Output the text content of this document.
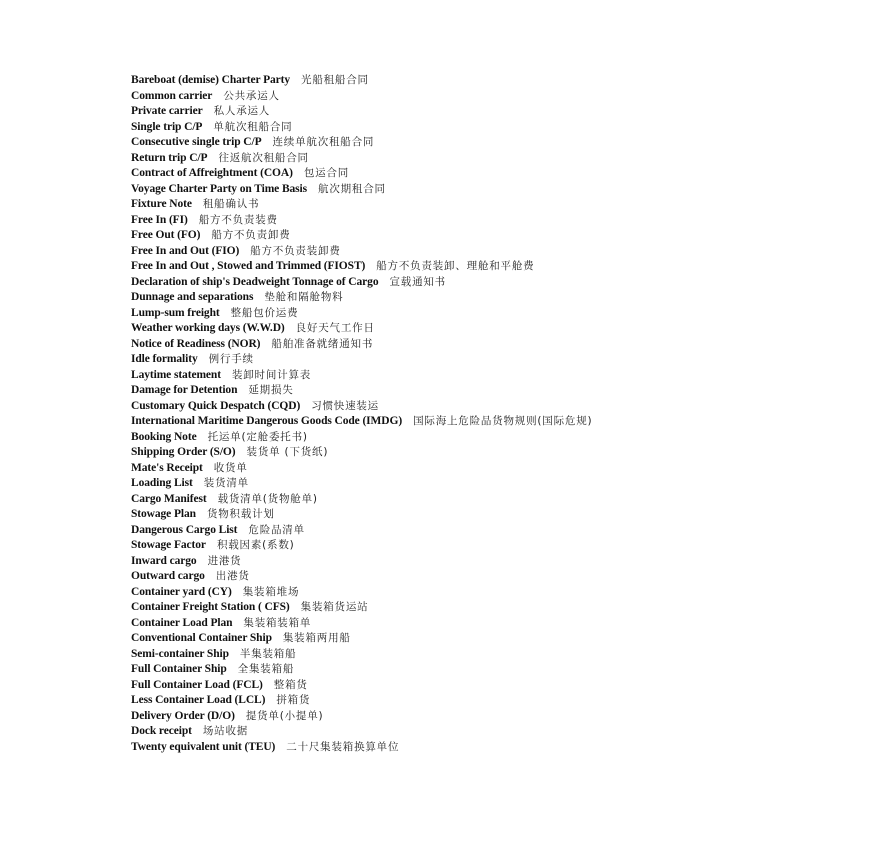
Bareboat (demise) Charter Party 光船租船合同
Common carrier 公共承运人
Private carrier 私人承运人
Single trip C/P 单航次租船合同
Consecutive single trip C/P 连续单航次租船合同
Return trip C/P 往返航次租船合同
Contract of Affreightment (COA) 包运合同
Voyage Charter Party on Time Basis 航次期租合同
Fixture Note 租船确认书
Free In (FI) 船方不负责装费
Free Out (FO) 船方不负责卸费
Free In and Out (FIO) 船方不负责装卸费
Free In and Out , Stowed and Trimmed (FIOST) 船方不负责装卸、理舱和平舱费
Declaration of ship's Deadweight Tonnage of Cargo 宣载通知书
Dunnage and separations 垫舱和隔舱物料
Lump-sum freight 整船包价运费
Weather working days (W.W.D) 良好天气工作日
Notice of Readiness (NOR) 船舶准备就绪通知书
Idle formality 例行手续
Laytime statement 装卸时间计算表
Damage for Detention 延期损失
Customary Quick Despatch (CQD) 习惯快速装运
International Maritime Dangerous Goods Code (IMDG) 国际海上危险品货物规则(国际危规)
Booking Note 托运单(定舱委托书)
Shipping Order (S/O) 装货单 (下货纸)
Mate's Receipt 收货单
Loading List 装货清单
Cargo Manifest 载货清单(货物舱单)
Stowage Plan 货物积载计划
Dangerous Cargo List 危险品清单
Stowage Factor 积载因素(系数)
Inward cargo 进港货
Outward cargo 出港货
Container yard (CY) 集装箱堆场
Container Freight Station ( CFS) 集装箱货运站
Container Load Plan 集装箱装箱单
Conventional Container Ship 集装箱两用船
Semi-container Ship 半集装箱船
Full Container Ship 全集装箱船
Full Container Load (FCL) 整箱货
Less Container Load (LCL) 拼箱货
Delivery Order (D/O) 提货单(小提单)
Dock receipt 场站收据
Twenty equivalent unit (TEU) 二十尺集装箱换算单位
